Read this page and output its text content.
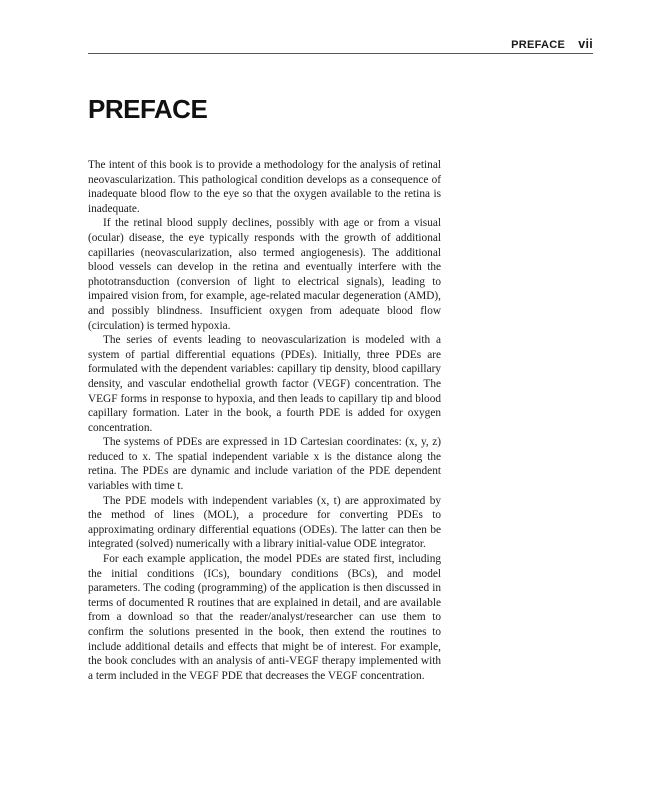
PREFACE vii
PREFACE

The intent of this book is to provide a methodology for the analysis of retinal neovascularization. This pathological condition develops as a consequence of inadequate blood flow to the eye so that the oxygen available to the retina is inadequate.

If the retinal blood supply declines, possibly with age or from a visual (ocular) disease, the eye typically responds with the growth of additional capillaries (neovascularization, also termed angiogenesis). The additional blood vessels can develop in the retina and eventually interfere with the phototransduction (conversion of light to electrical signals), leading to impaired vision from, for example, age-related macular degeneration (AMD), and possibly blindness. Insufficient oxygen from adequate blood flow (circulation) is termed hypoxia.

The series of events leading to neovascularization is modeled with a system of partial differential equations (PDEs). Initially, three PDEs are formulated with the dependent variables: capillary tip density, blood capillary density, and vascular endothelial growth factor (VEGF) concentration. The VEGF forms in response to hypoxia, and then leads to capillary tip and blood capillary formation. Later in the book, a fourth PDE is added for oxygen concentration.

The systems of PDEs are expressed in 1D Cartesian coordinates: (x, y, z) reduced to x. The spatial independent variable x is the distance along the retina. The PDEs are dynamic and include variation of the PDE dependent variables with time t.

The PDE models with independent variables (x, t) are approximated by the method of lines (MOL), a procedure for converting PDEs to approximating ordinary differential equations (ODEs). The latter can then be integrated (solved) numerically with a library initial-value ODE integrator.

For each example application, the model PDEs are stated first, including the initial conditions (ICs), boundary conditions (BCs), and model parameters. The coding (programming) of the application is then discussed in terms of documented R routines that are explained in detail, and are available from a download so that the reader/analyst/researcher can use them to confirm the solutions presented in the book, then extend the routines to include additional details and effects that might be of interest. For example, the book concludes with an analysis of anti-VEGF therapy implemented with a term included in the VEGF PDE that decreases the VEGF concentration.
